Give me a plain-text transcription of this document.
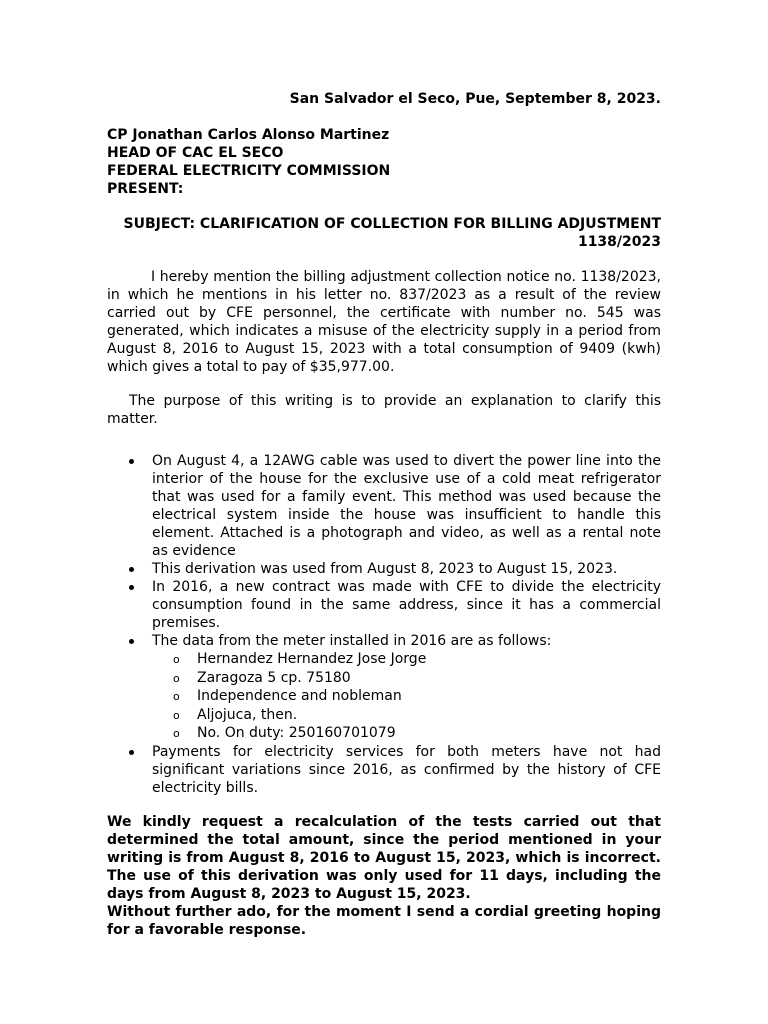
San Salvador el Seco, Pue, September 8, 2023.

CP Jonathan Carlos Alonso Martinez
HEAD OF CAC EL SECO
FEDERAL ELECTRICITY COMMISSION
PRESENT:
SUBJECT: CLARIFICATION OF COLLECTION FOR BILLING ADJUSTMENT
1138/2023

I hereby mention the billing adjustment collection notice no. 1138/2023, in which he mentions in his letter no. 837/2023 as a result of the review carried out by CFE personnel, the certificate with number no. 545 was generated, which indicates a misuse of the electricity supply in a period from August 8, 2016 to August 15, 2023 with a total consumption of 9409 (kwh) which gives a total to pay of $35,977.00.

The purpose of this writing is to provide an explanation to clarify this matter.

On August 4, a 12AWG cable was used to divert the power line into the interior of the house for the exclusive use of a cold meat refrigerator that was used for a family event. This method was used because the electrical system inside the house was insufficient to handle this element. Attached is a photograph and video, as well as a rental note as evidence
This derivation was used from August 8, 2023 to August 15, 2023.
In 2016, a new contract was made with CFE to divide the electricity consumption found in the same address, since it has a commercial premises.
The data from the meter installed in 2016 are as follows:
o Hernandez Hernandez Jose Jorge
o Zaragoza 5 cp. 75180
o Independence and nobleman
o Aljojuca, then.
o No. On duty: 250160701079
Payments for electricity services for both meters have not had significant variations since 2016, as confirmed by the history of CFE electricity bills.

We kindly request a recalculation of the tests carried out that determined the total amount, since the period mentioned in your writing is from August 8, 2016 to August 15, 2023, which is incorrect. The use of this derivation was only used for 11 days, including the days from August 8, 2023 to August 15, 2023.

Without further ado, for the moment I send a cordial greeting hoping for a favorable response.
